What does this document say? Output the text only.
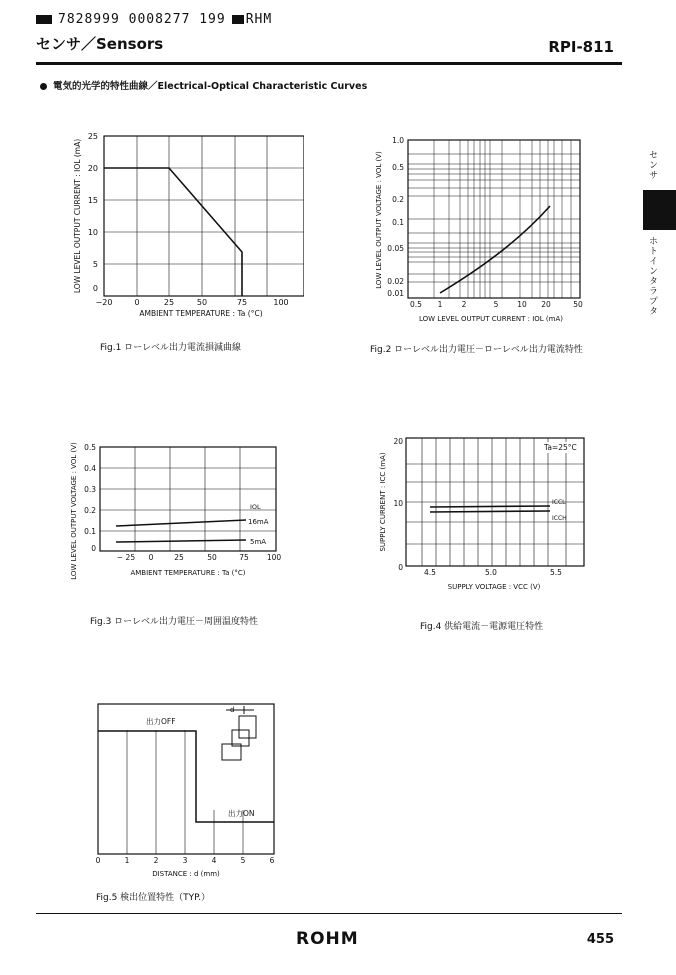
7828999 0008277 199 RHM
センサ／Sensors	RPI-811
電気的光学的特性曲線／Electrical-Optical Characteristic Curves
センサ
ホトインタラプタ
25
20
15
10
5
0
−20	0	25	50	75	100
AMBIENT TEMPERATURE : Ta (°C)
LOW LEVEL OUTPUT CURRENT : IOL (mA)
Fig.1 ローレベル出力電流損減曲線
1.0
0.5
0.2
0.1
0.05
0.02
0.01
0.5 1	2	5	10 20	50
LOW LEVEL OUTPUT CURRENT : IOL (mA)
LOW LEVEL OUTPUT VOLTAGE : VOL (V)
Fig.2 ローレベル出力電圧－ローレベル出力電流特性
0.5
0.4
0.3
0.2
0.1
0
− 25 0	25	50	75 100
AMBIENT TEMPERATURE : Ta (°C)
LOW LEVEL OUTPUT VOLTAGE : VOL (V)	IOL
16mA
5mA
Fig.3 ローレベル出力電圧－周囲温度特性
Ta=25°C
ICCL
ICCH
20
10
0
4.5	5.0	5.5
SUPPLY VOLTAGE : VCC (V)
SUPPLY CURRENT : ICC (mA)
Fig.4 供給電流－電源電圧特性
d
出力OFF
出力ON
0	1	2	3	4	5	6
DISTANCE : d (mm)
Fig.5 検出位置特性（TYP.）
ROHM	455
